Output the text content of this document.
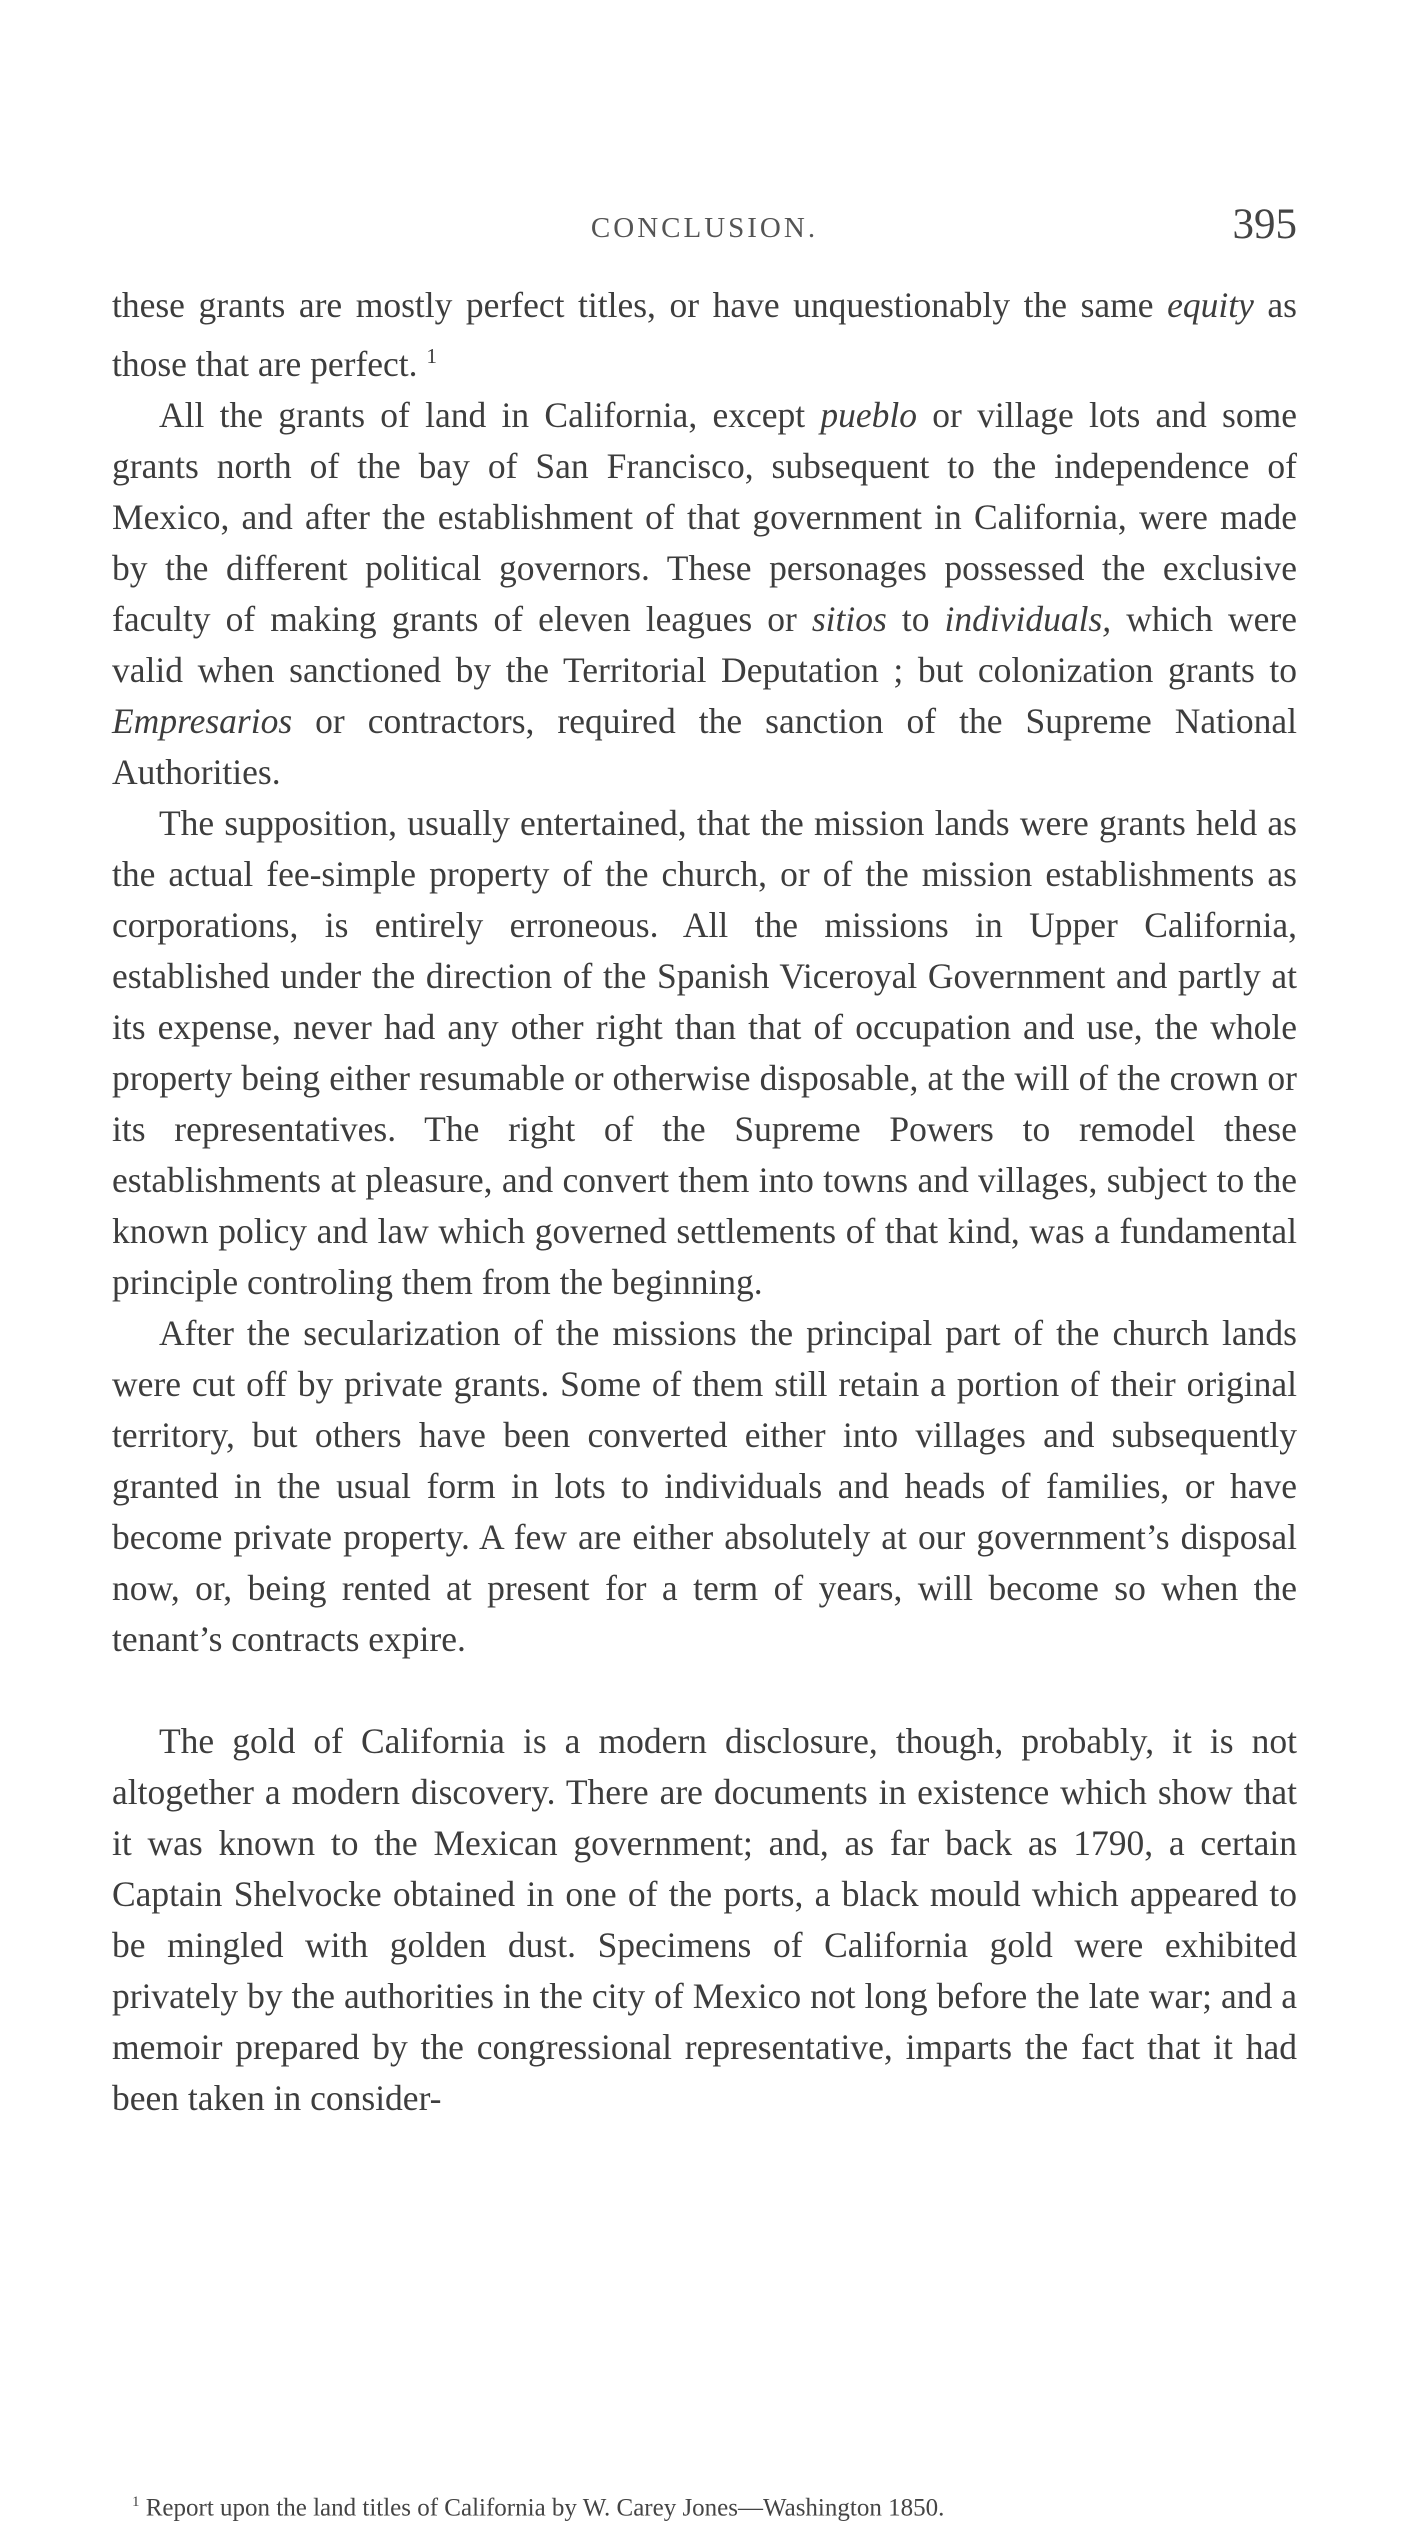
CONCLUSION.	395

these grants are mostly perfect titles, or have unquestionably the same equity as those that are perfect. $^1$

All the grants of land in California, except pueblo or village lots and some grants north of the bay of San Francisco, subsequent to the independence of Mexico, and after the establishment of that government in California, were made by the different political governors. These personages possessed the exclusive faculty of making grants of eleven leagues or sitios to individuals, which were valid when sanctioned by the Territorial Deputation ; but colonization grants to Empresarios or contractors, required the sanction of the Supreme National Authorities.

The supposition, usually entertained, that the mission lands were grants held as the actual fee-simple property of the church, or of the mission establishments as corporations, is entirely erroneous. All the missions in Upper California, established under the direction of the Spanish Viceroyal Government and partly at its expense, never had any other right than that of occupation and use, the whole property being either resumable or otherwise disposable, at the will of the crown or its representatives. The right of the Supreme Powers to remodel these establishments at pleasure, and convert them into towns and villages, subject to the known policy and law which governed settlements of that kind, was a fundamental principle controling them from the beginning.

After the secularization of the missions the principal part of the church lands were cut off by private grants. Some of them still retain a portion of their original territory, but others have been converted either into villages and subsequently granted in the usual form in lots to individuals and heads of families, or have become private property. A few are either absolutely at our government’s disposal now, or, being rented at present for a term of years, will become so when the tenant’s contracts expire.

The gold of California is a modern disclosure, though, probably, it is not altogether a modern discovery. There are documents in existence which show that it was known to the Mexican government; and, as far back as 1790, a certain Captain Shelvocke obtained in one of the ports, a black mould which appeared to be mingled with golden dust. Specimens of California gold were exhibited privately by the authorities in the city of Mexico not long before the late war; and a memoir prepared by the congressional representative, imparts the fact that it had been taken in consider-

$^1$ Report upon the land titles of California by W. Carey Jones—Washington 1850.
